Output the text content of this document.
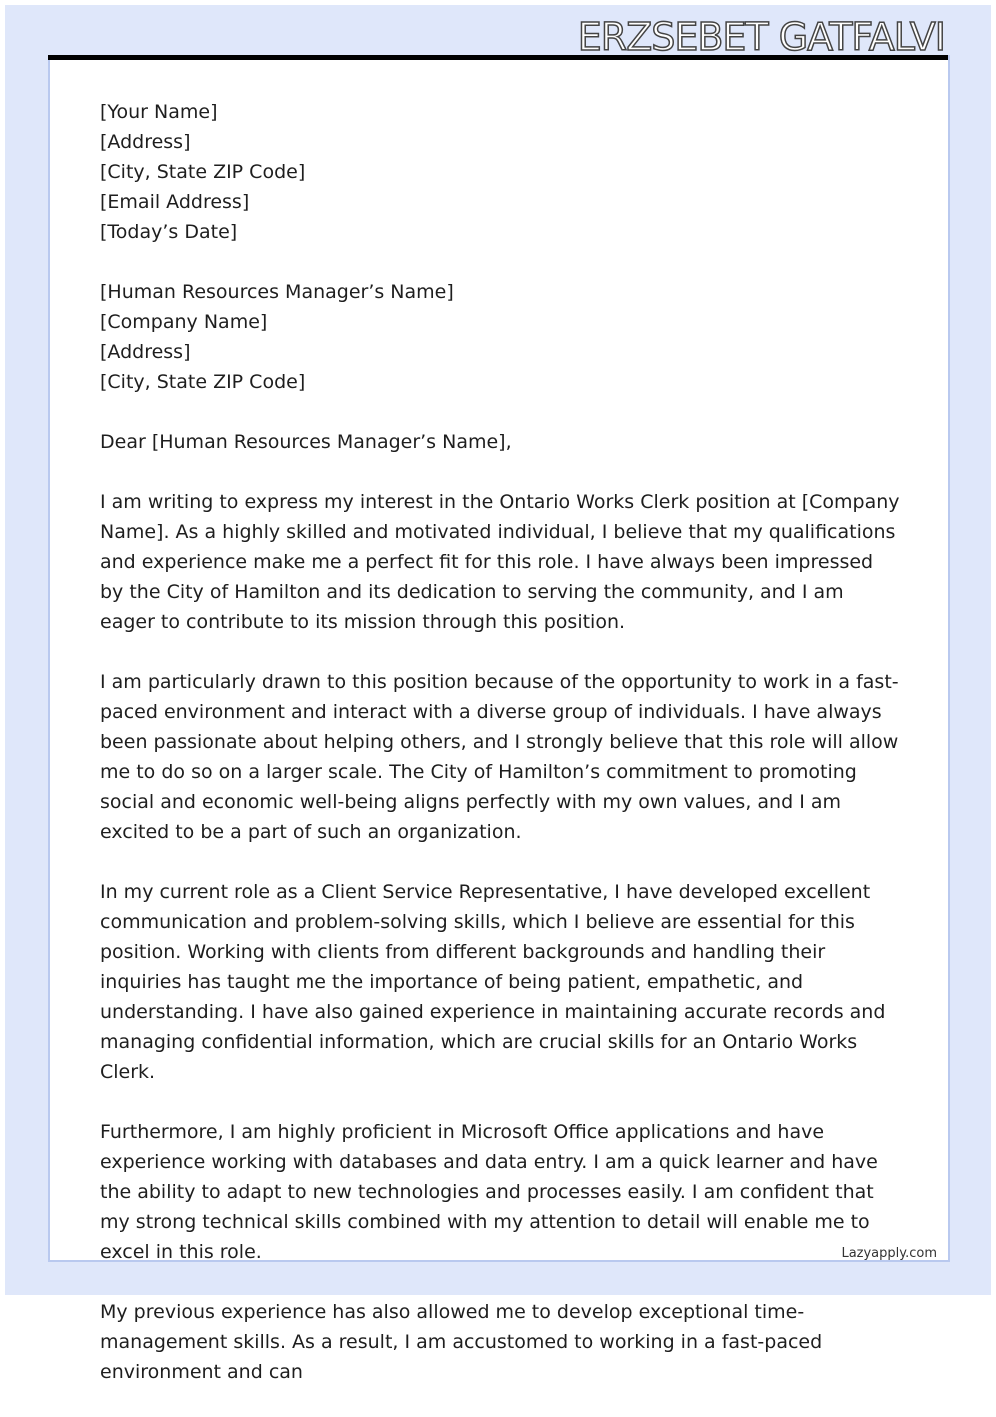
ERZSEBET GATFALVI
[Your Name]
[Address]
[City, State ZIP Code]
[Email Address]
[Today’s Date]
[Human Resources Manager’s Name]
[Company Name]
[Address]
[City, State ZIP Code]
Dear [Human Resources Manager’s Name],

I am writing to express my interest in the Ontario Works Clerk position at [Company Name]. As a highly skilled and motivated individual, I believe that my qualifications and experience make me a perfect fit for this role. I have always been impressed by the City of Hamilton and its dedication to serving the community, and I am eager to contribute to its mission through this position.

I am particularly drawn to this position because of the opportunity to work in a fast-paced environment and interact with a diverse group of individuals. I have always been passionate about helping others, and I strongly believe that this role will allow me to do so on a larger scale. The City of Hamilton’s commitment to promoting social and economic well-being aligns perfectly with my own values, and I am excited to be a part of such an organization.

In my current role as a Client Service Representative, I have developed excellent communication and problem-solving skills, which I believe are essential for this position. Working with clients from different backgrounds and handling their inquiries has taught me the importance of being patient, empathetic, and understanding. I have also gained experience in maintaining accurate records and managing confidential information, which are crucial skills for an Ontario Works Clerk.

Furthermore, I am highly proficient in Microsoft Office applications and have experience working with databases and data entry. I am a quick learner and have the ability to adapt to new technologies and processes easily. I am confident that my strong technical skills combined with my attention to detail will enable me to excel in this role.

My previous experience has also allowed me to develop exceptional time-management skills. As a result, I am accustomed to working in a fast-paced environment and can

Lazyapply.com
